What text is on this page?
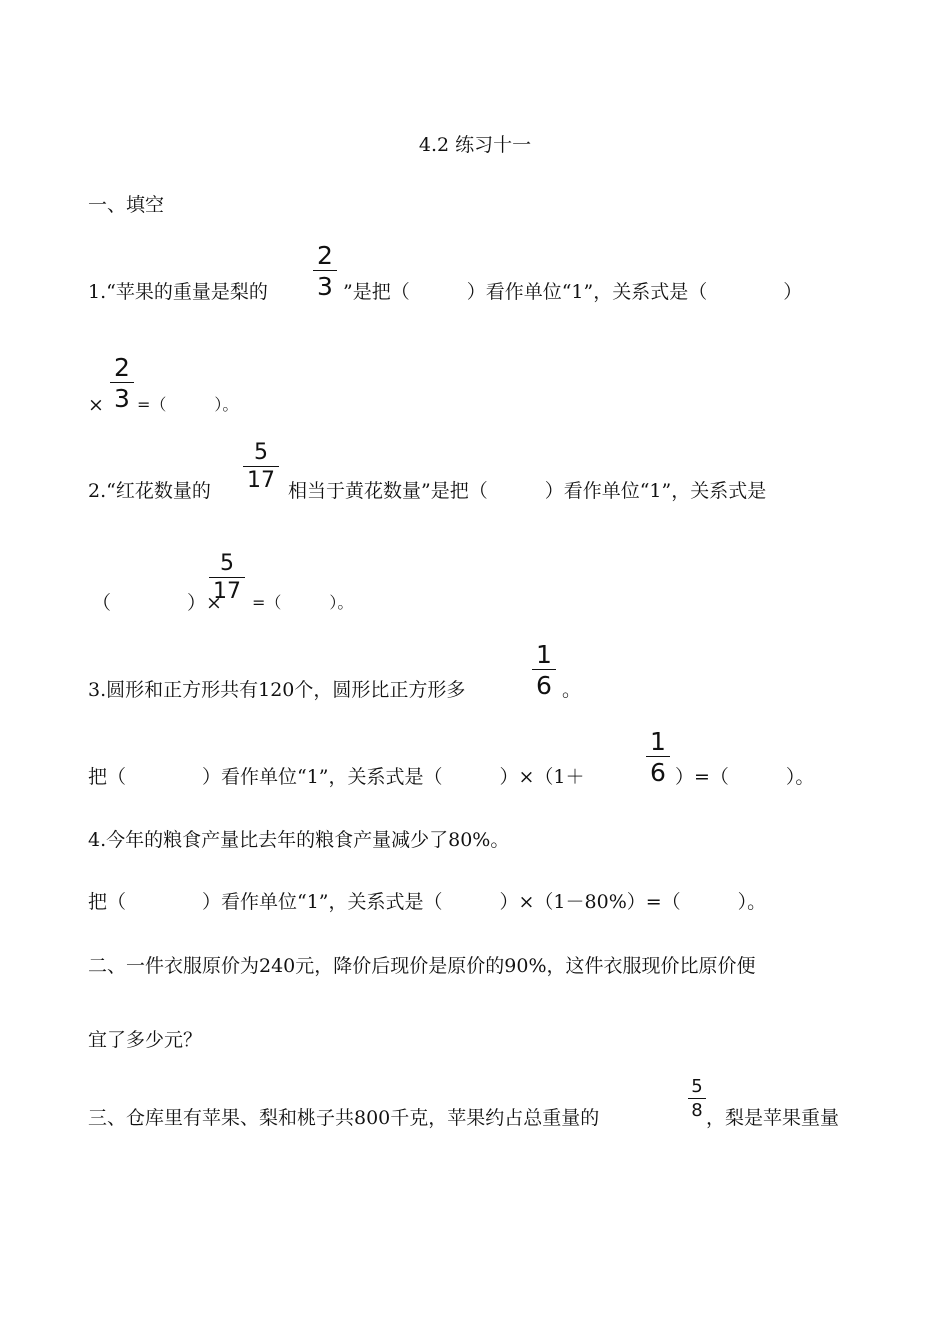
4.2 练习十一
一、填空
1.“苹果的重量是梨的
2
3 ”是把（　　　）看作单位“1”，关系式是（　　　　）
×
2
3 =（　　　）。
2.“红花数量的
5
17 相当于黄花数量”是把（　　　）看作单位“1”，关系式是
（　　　　）×
5
17 =（　　　）。
3.圆形和正方形共有120个，圆形比正方形多
1
6 。
把（　　　　）看作单位“1”，关系式是（　　　）×（1＋
1
6 ）=（　　　）。
4.今年的粮食产量比去年的粮食产量减少了80%。
把（　　　　）看作单位“1”，关系式是（　　　）×（1－80%）=（　　　）。
二、一件衣服原价为240元，降价后现价是原价的90%，这件衣服现价比原价便
宜了多少元？
三、仓库里有苹果、梨和桃子共800千克，苹果约占总重量的
5
8 ，梨是苹果重量
